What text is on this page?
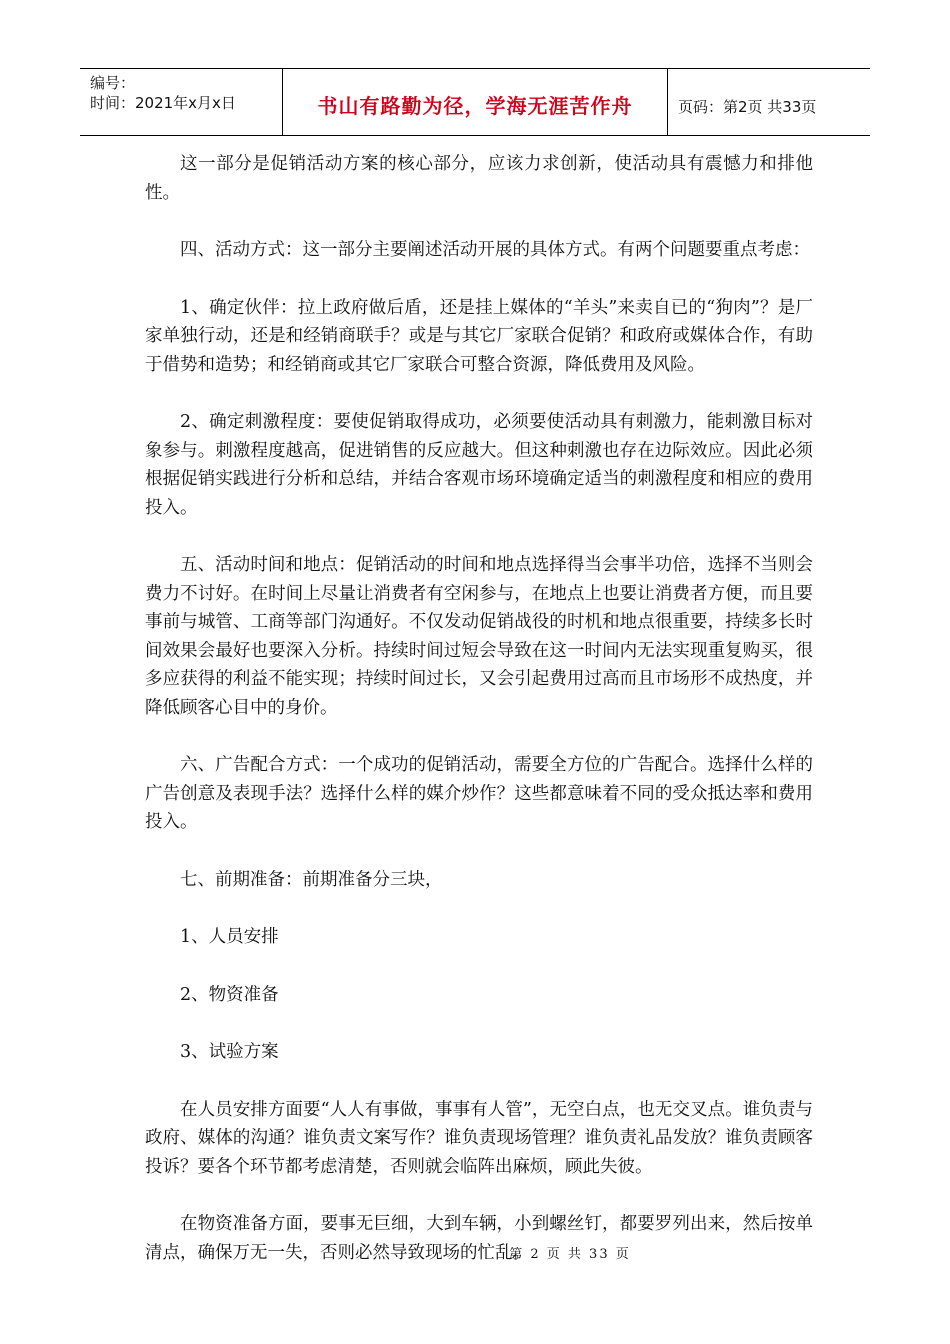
编号：
时间：2021年x月x日	书山有路勤为径，学海无涯苦作舟	页码：第2页 共33页

这一部分是促销活动方案的核心部分，应该力求创新，使活动具有震憾力和排他性。

四、活动方式：这一部分主要阐述活动开展的具体方式。有两个问题要重点考虑：

1、确定伙伴：拉上政府做后盾，还是挂上媒体的“羊头”来卖自已的“狗肉”？是厂家单独行动，还是和经销商联手？或是与其它厂家联合促销？和政府或媒体合作，有助于借势和造势；和经销商或其它厂家联合可整合资源，降低费用及风险。

2、确定刺激程度：要使促销取得成功，必须要使活动具有刺激力，能刺激目标对象参与。刺激程度越高，促进销售的反应越大。但这种刺激也存在边际效应。因此必须根据促销实践进行分析和总结，并结合客观市场环境确定适当的刺激程度和相应的费用投入。

五、活动时间和地点：促销活动的时间和地点选择得当会事半功倍，选择不当则会费力不讨好。在时间上尽量让消费者有空闲参与，在地点上也要让消费者方便，而且要事前与城管、工商等部门沟通好。不仅发动促销战役的时机和地点很重要，持续多长时间效果会最好也要深入分析。持续时间过短会导致在这一时间内无法实现重复购买，很多应获得的利益不能实现；持续时间过长，又会引起费用过高而且市场形不成热度，并降低顾客心目中的身价。

六、广告配合方式：一个成功的促销活动，需要全方位的广告配合。选择什么样的广告创意及表现手法？选择什么样的媒介炒作？这些都意味着不同的受众抵达率和费用投入。

七、前期准备：前期准备分三块，

1、人员安排

2、物资准备

3、试验方案

在人员安排方面要“人人有事做，事事有人管”，无空白点，也无交叉点。谁负责与政府、媒体的沟通？谁负责文案写作？谁负责现场管理？谁负责礼品发放？谁负责顾客投诉？要各个环节都考虑清楚，否则就会临阵出麻烦，顾此失彼。

在物资准备方面，要事无巨细，大到车辆，小到螺丝钉，都要罗列出来，然后按单清点，确保万无一失，否则必然导致现场的忙乱。

第 2 页 共 33 页
